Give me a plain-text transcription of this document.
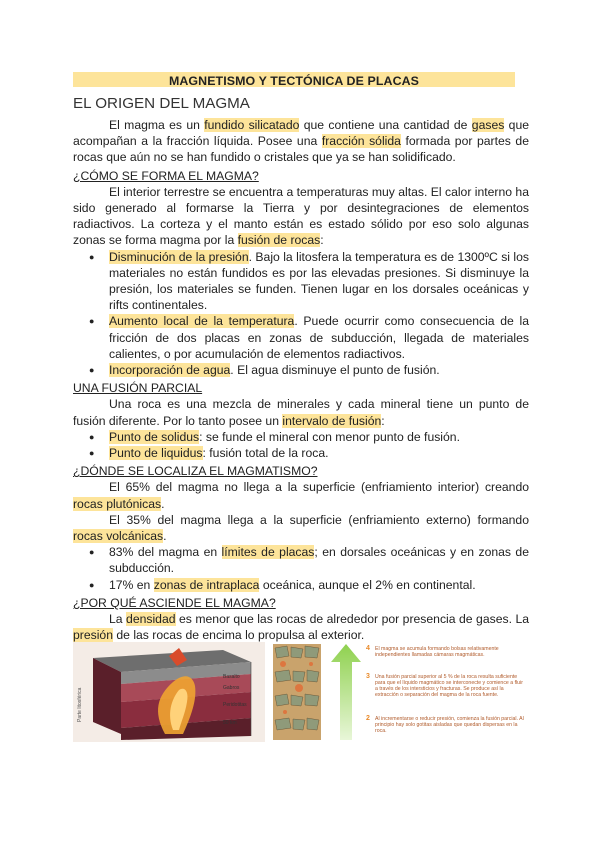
MAGNETISMO Y TECTÓNICA DE PLACAS
EL ORIGEN DEL MAGMA

El magma es un fundido silicatado que contiene una cantidad de gases que acompañan a la fracción líquida. Posee una fracción sólida formada por partes de rocas que aún no se han fundido o cristales que ya se han solidificado.

¿CÓMO SE FORMA EL MAGMA?

El interior terrestre se encuentra a temperaturas muy altas. El calor interno ha sido generado al formarse la Tierra y por desintegraciones de elementos radiactivos. La corteza y el manto están es estado sólido por eso solo algunas zonas se forma magma por la fusión de rocas:

● Disminución de la presión. Bajo la litosfera la temperatura es de 1300ºC si los materiales no están fundidos es por las elevadas presiones. Si disminuye la presión, los materiales se funden. Tienen lugar en los dorsales oceánicas y rifts continentales.
● Aumento local de la temperatura. Puede ocurrir como consecuencia de la fricción de dos placas en zonas de subducción, llegada de materiales calientes, o por acumulación de elementos radiactivos.
● Incorporación de agua. El agua disminuye el punto de fusión.
UNA FUSIÓN PARCIAL

Una roca es una mezcla de minerales y cada mineral tiene un punto de fusión diferente. Por lo tanto posee un intervalo de fusión:

● Punto de solidus: se funde el mineral con menor punto de fusión.
● Punto de liquidus: fusión total de la roca.
¿DÓNDE SE LOCALIZA EL MAGMATISMO?

El 65% del magma no llega a la superficie (enfriamiento interior) creando rocas plutónicas.

El 35% del magma llega a la superficie (enfriamiento externo) formando rocas volcánicas.

● 83% del magma en límites de placas; en dorsales oceánicas y en zonas de subducción.
● 17% en zonas de intraplaca oceánica, aunque el 2% en continental.
¿POR QUÉ ASCIENDE EL MAGMA?

La densidad es menor que las rocas de alrededor por presencia de gases. La presión de las rocas de encima lo propulsa al exterior.

Basalto
Gabros
Peridotitas
50 km
Parte litosférica
4 El magma se acumula formando bolsas relativamente independientes llamadas cámaras magmáticas.
3 Una fusión parcial superior al 5 % de la roca resulta suficiente para que el líquido magmático se interconecte y comience a fluir a través de los intersticios y fracturas. Se produce así la extracción o separación del magma de la roca fuente.
2 Al incrementarse o reducir presión, comienza la fusión parcial. Al principio hay solo gotitas aisladas que quedan dispersas en la roca.
